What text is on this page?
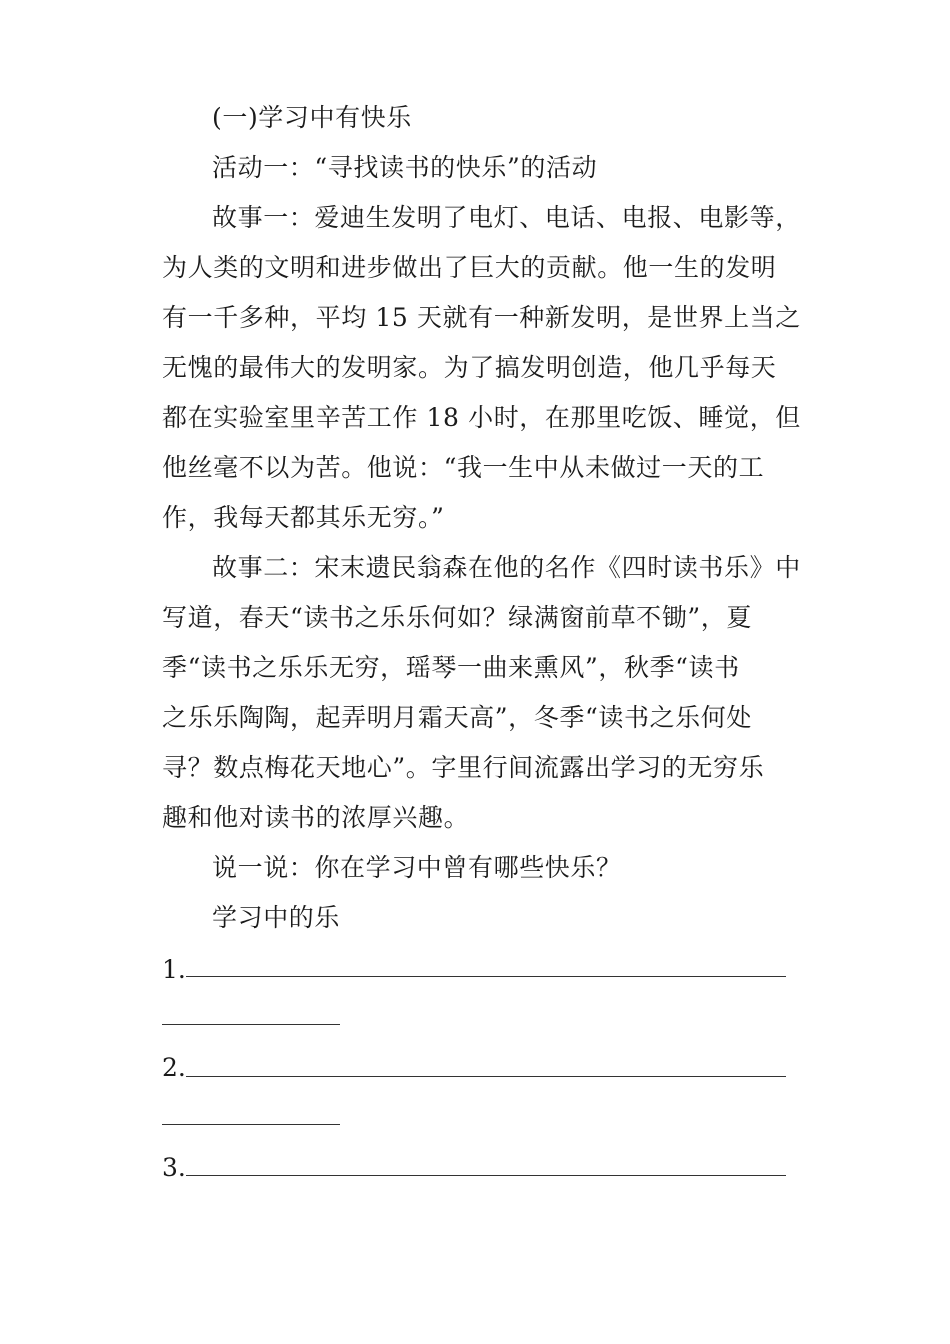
(一)学习中有快乐
活动一：“寻找读书的快乐”的活动
故事一：爱迪生发明了电灯、电话、电报、电影等，
为人类的文明和进步做出了巨大的贡献。他一生的发明
有一千多种，平均 15 天就有一种新发明，是世界上当之
无愧的最伟大的发明家。为了搞发明创造，他几乎每天
都在实验室里辛苦工作 18 小时，在那里吃饭、睡觉，但
他丝毫不以为苦。他说：“我一生中从未做过一天的工
作，我每天都其乐无穷。”
故事二：宋末遗民翁森在他的名作《四时读书乐》中
写道，春天“读书之乐乐何如？绿满窗前草不锄”，夏
季“读书之乐乐无穷，瑶琴一曲来熏风”，秋季“读书
之乐乐陶陶，起弄明月霜天高”，冬季“读书之乐何处
寻？数点梅花天地心”。字里行间流露出学习的无穷乐
趣和他对读书的浓厚兴趣。
说一说：你在学习中曾有哪些快乐？
学习中的乐
1.
2.
3.
